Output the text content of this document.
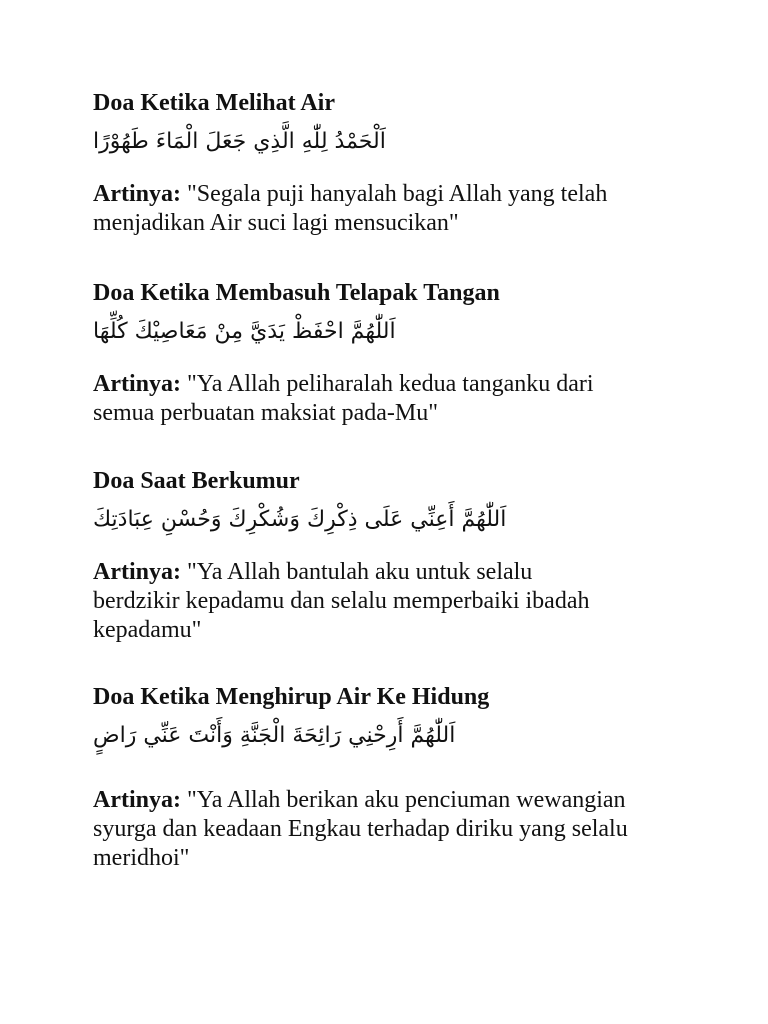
Doa Ketika Melihat Air

اَلْحَمْدُ لِلّٰهِ الَّذِي جَعَلَ الْمَاءَ طَهُوْرًا

Artinya: "Segala puji hanyalah bagi Allah yang telah menjadikan Air suci lagi mensucikan"

Doa Ketika Membasuh Telapak Tangan

اَللّٰهُمَّ احْفَظْ يَدَيَّ مِنْ مَعَاصِيْكَ كُلِّهَا

Artinya: "Ya Allah peliharalah kedua tanganku dari semua perbuatan maksiat pada-Mu"

Doa Saat Berkumur

اَللّٰهُمَّ أَعِنِّي عَلَى ذِكْرِكَ وَشُكْرِكَ وَحُسْنِ عِبَادَتِكَ

Artinya: "Ya Allah bantulah aku untuk selalu berdzikir kepadamu dan selalu memperbaiki ibadah kepadamu"

Doa Ketika Menghirup Air Ke Hidung

اَللّٰهُمَّ أَرِحْنِي رَائِحَةَ الْجَنَّةِ وَأَنْتَ عَنِّي رَاضٍ

Artinya: "Ya Allah berikan aku penciuman wewangian syurga dan keadaan Engkau terhadap diriku yang selalu meridhoi"
